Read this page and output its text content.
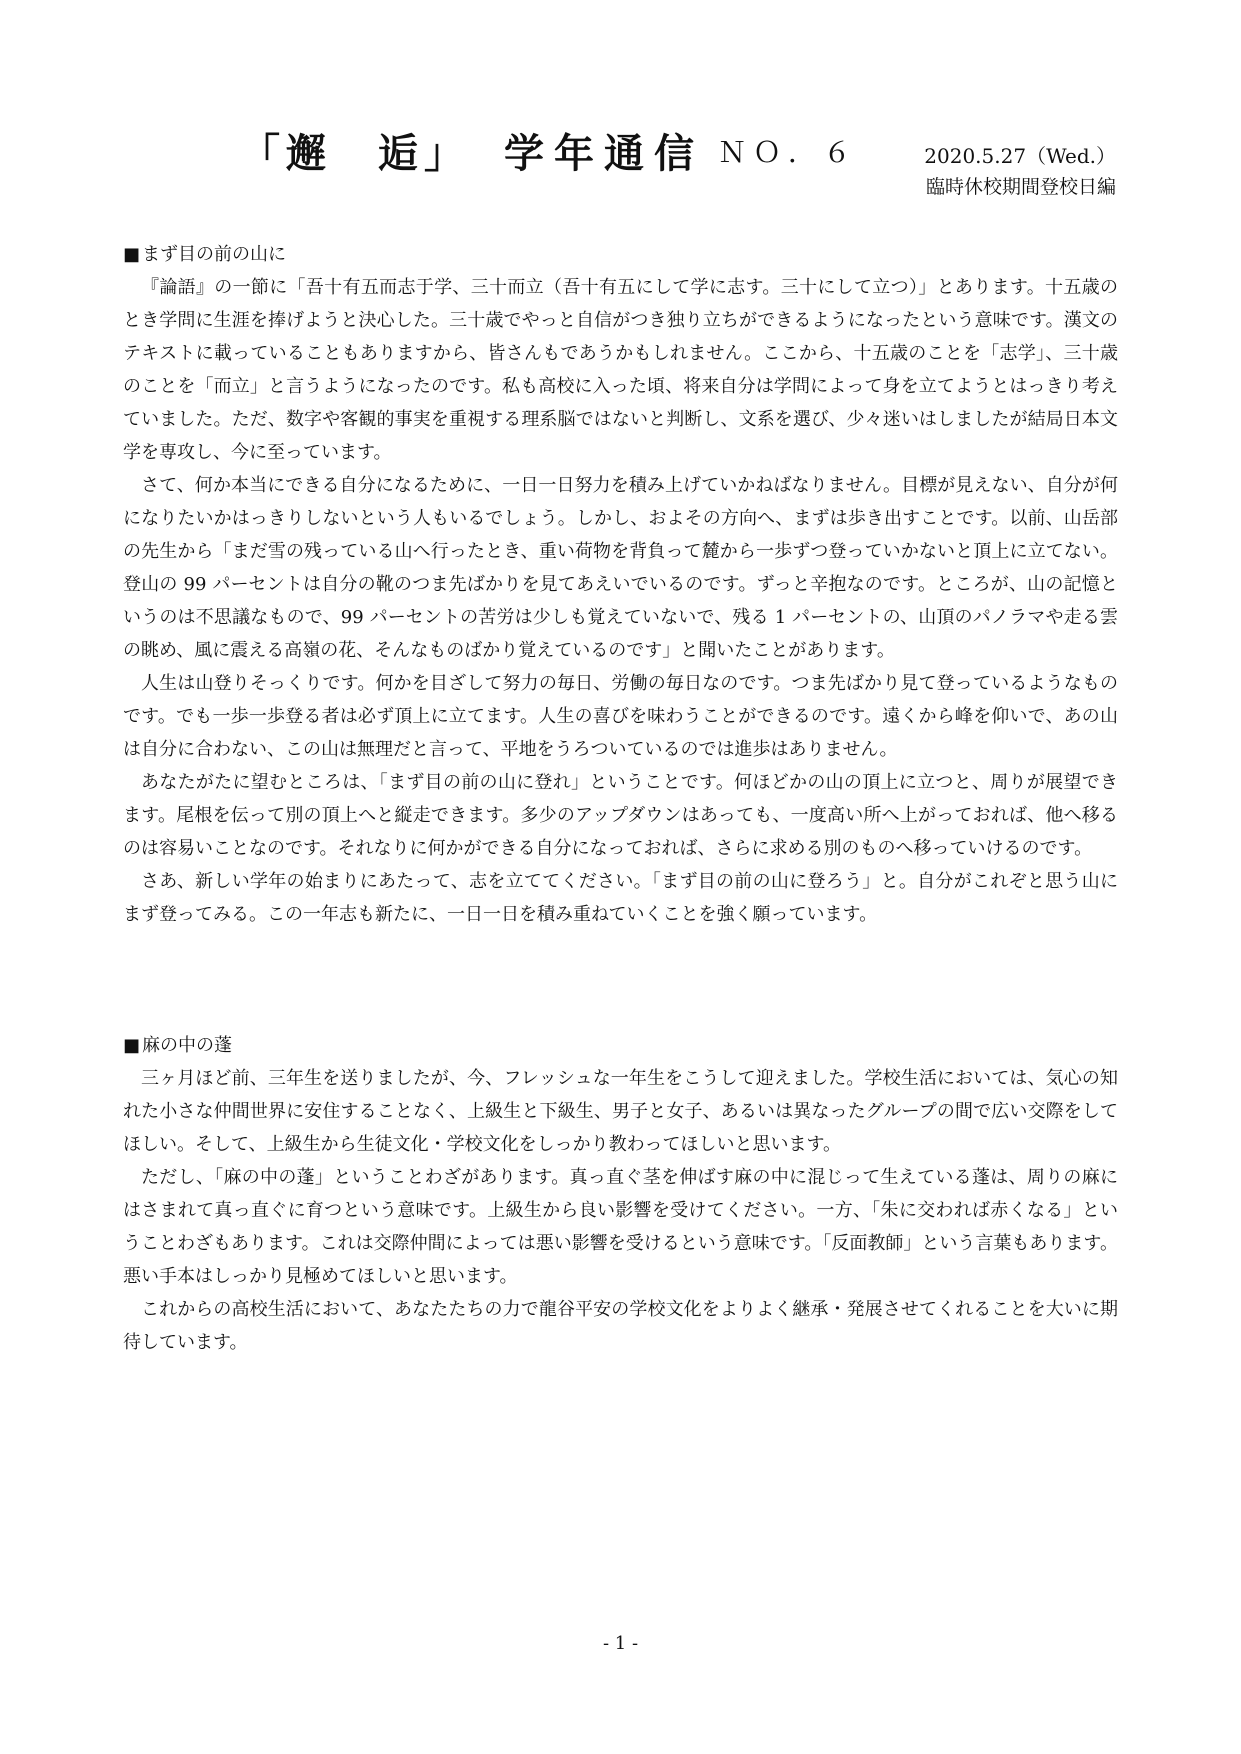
「邂　逅」 学年通信 ＮＯ．６	2020.5.27（Wed.）
臨時休校期間登校日編
■ まず目の前の山に

『論語』の一節に「吾十有五而志于学、三十而立（吾十有五にして学に志す。三十にして立つ）」とあります。十五歳のとき学問に生涯を捧げようと決心した。三十歳でやっと自信がつき独り立ちができるようになったという意味です。漢文のテキストに載っていることもありますから、皆さんもであうかもしれません。ここから、十五歳のことを「志学」、三十歳のことを「而立」と言うようになったのです。私も高校に入った頃、将来自分は学問によって身を立てようとはっきり考えていました。ただ、数字や客観的事実を重視する理系脳ではないと判断し、文系を選び、少々迷いはしましたが結局日本文学を専攻し、今に至っています。

さて、何か本当にできる自分になるために、一日一日努力を積み上げていかねばなりません。目標が見えない、自分が何になりたいかはっきりしないという人もいるでしょう。しかし、およその方向へ、まずは歩き出すことです。以前、山岳部の先生から「まだ雪の残っている山へ行ったとき、重い荷物を背負って麓から一歩ずつ登っていかないと頂上に立てない。登山の 99 パーセントは自分の靴のつま先ばかりを見てあえいでいるのです。ずっと辛抱なのです。ところが、山の記憶というのは不思議なもので、99 パーセントの苦労は少しも覚えていないで、残る 1 パーセントの、山頂のパノラマや走る雲の眺め、風に震える高嶺の花、そんなものばかり覚えているのです」と聞いたことがあります。

人生は山登りそっくりです。何かを目ざして努力の毎日、労働の毎日なのです。つま先ばかり見て登っているようなものです。でも一歩一歩登る者は必ず頂上に立てます。人生の喜びを味わうことができるのです。遠くから峰を仰いで、あの山は自分に合わない、この山は無理だと言って、平地をうろついているのでは進歩はありません。

あなたがたに望むところは、「まず目の前の山に登れ」ということです。何ほどかの山の頂上に立つと、周りが展望できます。尾根を伝って別の頂上へと縦走できます。多少のアップダウンはあっても、一度高い所へ上がっておれば、他へ移るのは容易いことなのです。それなりに何かができる自分になっておれば、さらに求める別のものへ移っていけるのです。

さあ、新しい学年の始まりにあたって、志を立ててください。「まず目の前の山に登ろう」と。自分がこれぞと思う山にまず登ってみる。この一年志も新たに、一日一日を積み重ねていくことを強く願っています。

■ 麻の中の蓬

三ヶ月ほど前、三年生を送りましたが、今、フレッシュな一年生をこうして迎えました。学校生活においては、気心の知れた小さな仲間世界に安住することなく、上級生と下級生、男子と女子、あるいは異なったグループの間で広い交際をしてほしい。そして、上級生から生徒文化・学校文化をしっかり教わってほしいと思います。

ただし、「麻の中の蓬」ということわざがあります。真っ直ぐ茎を伸ばす麻の中に混じって生えている蓬は、周りの麻にはさまれて真っ直ぐに育つという意味です。上級生から良い影響を受けてください。一方、「朱に交われば赤くなる」ということわざもあります。これは交際仲間によっては悪い影響を受けるという意味です。「反面教師」という言葉もあります。悪い手本はしっかり見極めてほしいと思います。

これからの高校生活において、あなたたちの力で龍谷平安の学校文化をよりよく継承・発展させてくれることを大いに期待しています。

- 1 -
